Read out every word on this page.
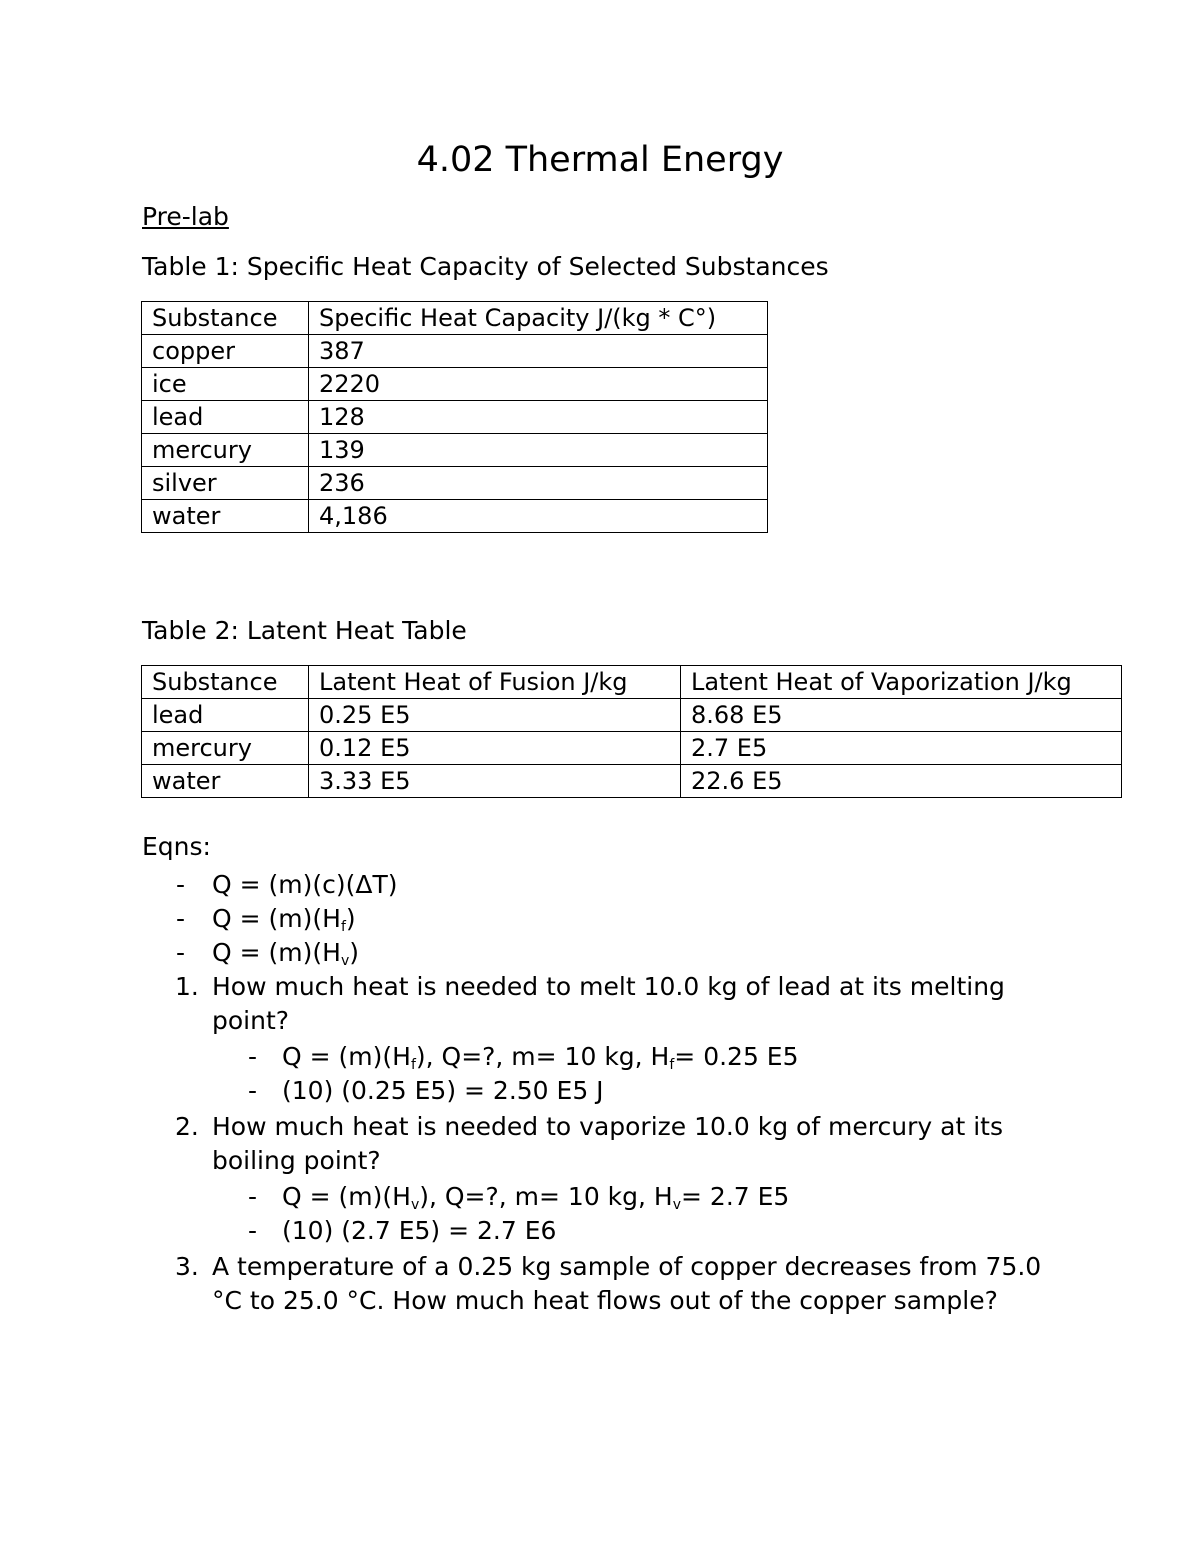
4.02 Thermal Energy
Pre-lab
Table 1: Specific Heat Capacity of Selected Substances
Substance	Specific Heat Capacity J/(kg * C°)
copper	387
ice	2220
lead	128
mercury	139
silver	236
water	4,186
Table 2: Latent Heat Table
Substance	Latent Heat of Fusion J/kg	Latent Heat of Vaporization J/kg
lead	0.25 E5	8.68 E5
mercury	0.12 E5	2.7 E5
water	3.33 E5	22.6 E5
Eqns:
- Q = (m)(c)(ΔT)
- $Q = (m)(H_f)$
- $Q = (m)(H_v)$
1. How much heat is needed to melt 10.0 kg of lead at its melting point?
- $Q = (m)(H_f)$, Q=?, m= 10 kg, $H_f= 0.25$ E5
- (10) (0.25 E5) = 2.50 E5 J
2. How much heat is needed to vaporize 10.0 kg of mercury at its boiling point?
- $Q = (m)(H_v)$, Q=?, m= 10 kg, $H_v= 2.7$ E5
- (10) (2.7 E5) = 2.7 E6
3. A temperature of a 0.25 kg sample of copper decreases from 75.0 °C to 25.0 °C. How much heat flows out of the copper sample?
